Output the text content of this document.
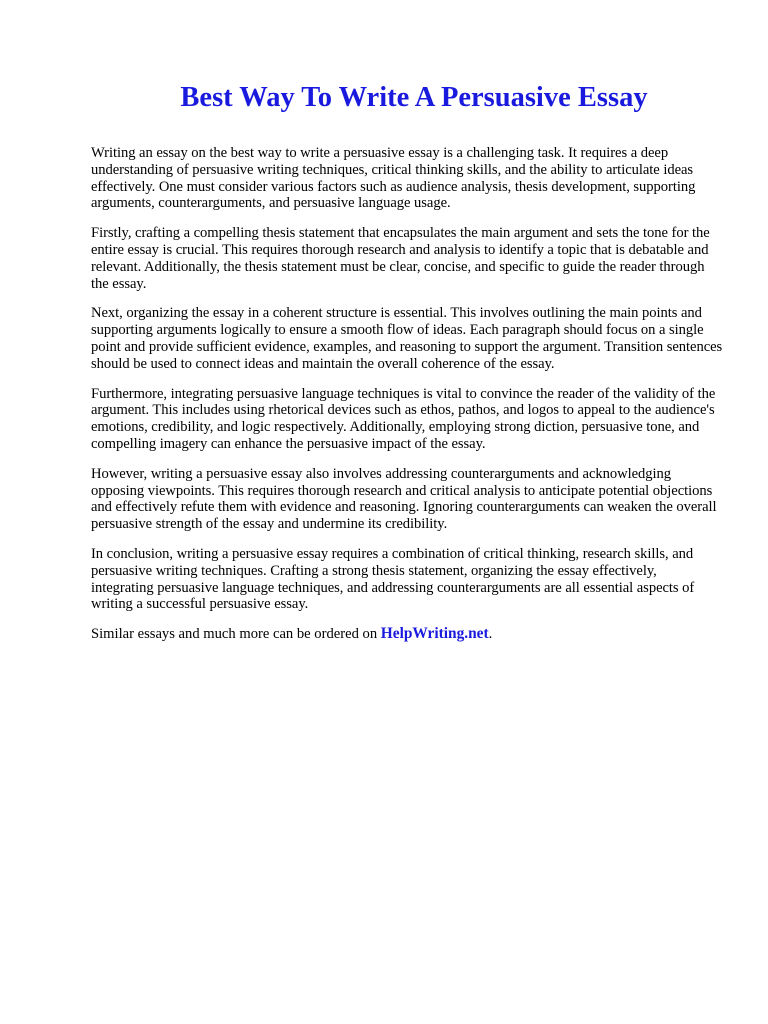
Best Way To Write A Persuasive Essay

Writing an essay on the best way to write a persuasive essay is a challenging task. It requires a deep understanding of persuasive writing techniques, critical thinking skills, and the ability to articulate ideas effectively. One must consider various factors such as audience analysis, thesis development, supporting arguments, counterarguments, and persuasive language usage.

Firstly, crafting a compelling thesis statement that encapsulates the main argument and sets the tone for the entire essay is crucial. This requires thorough research and analysis to identify a topic that is debatable and relevant. Additionally, the thesis statement must be clear, concise, and specific to guide the reader through the essay.

Next, organizing the essay in a coherent structure is essential. This involves outlining the main points and supporting arguments logically to ensure a smooth flow of ideas. Each paragraph should focus on a single point and provide sufficient evidence, examples, and reasoning to support the argument. Transition sentences should be used to connect ideas and maintain the overall coherence of the essay.

Furthermore, integrating persuasive language techniques is vital to convince the reader of the validity of the argument. This includes using rhetorical devices such as ethos, pathos, and logos to appeal to the audience's emotions, credibility, and logic respectively. Additionally, employing strong diction, persuasive tone, and compelling imagery can enhance the persuasive impact of the essay.

However, writing a persuasive essay also involves addressing counterarguments and acknowledging opposing viewpoints. This requires thorough research and critical analysis to anticipate potential objections and effectively refute them with evidence and reasoning. Ignoring counterarguments can weaken the overall persuasive strength of the essay and undermine its credibility.

In conclusion, writing a persuasive essay requires a combination of critical thinking, research skills, and persuasive writing techniques. Crafting a strong thesis statement, organizing the essay effectively, integrating persuasive language techniques, and addressing counterarguments are all essential aspects of writing a successful persuasive essay.

Similar essays and much more can be ordered on HelpWriting.net.
